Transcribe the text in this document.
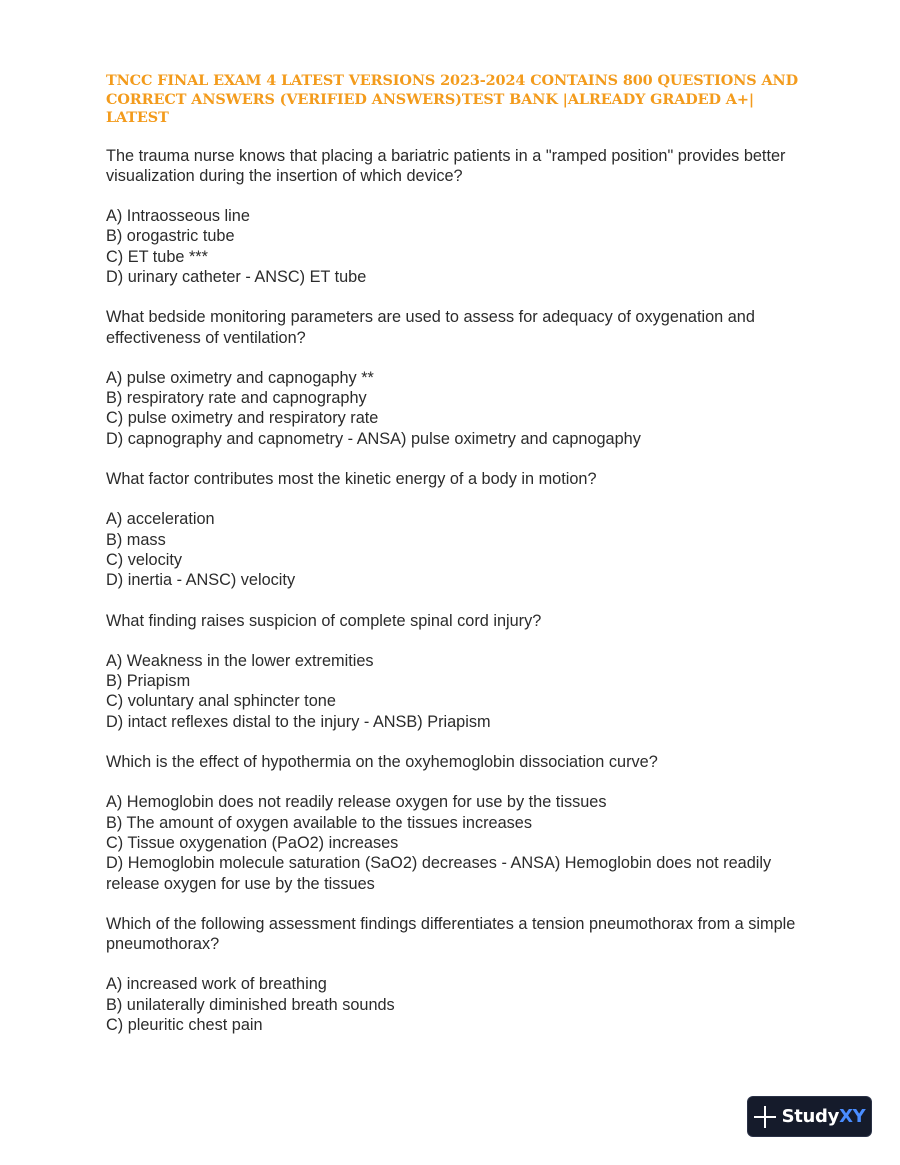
TNCC FINAL EXAM 4 LATEST VERSIONS 2023-2024 CONTAINS 800 QUESTIONS AND CORRECT ANSWERS (VERIFIED ANSWERS)TEST BANK |ALREADY GRADED A+| LATEST
The trauma nurse knows that placing a bariatric patients in a "ramped position" provides better visualization during the insertion of which device?
A) Intraosseous line
B) orogastric tube
C) ET tube ***
D) urinary catheter - ANSC) ET tube
What bedside monitoring parameters are used to assess for adequacy of oxygenation and effectiveness of ventilation?
A) pulse oximetry and capnogaphy **
B) respiratory rate and capnography
C) pulse oximetry and respiratory rate
D) capnography and capnometry - ANSA) pulse oximetry and capnogaphy
What factor contributes most the kinetic energy of a body in motion?
A) acceleration
B) mass
C) velocity
D) inertia - ANSC) velocity
What finding raises suspicion of complete spinal cord injury?
A) Weakness in the lower extremities
B) Priapism
C) voluntary anal sphincter tone
D) intact reflexes distal to the injury - ANSB) Priapism
Which is the effect of hypothermia on the oxyhemoglobin dissociation curve?
A) Hemoglobin does not readily release oxygen for use by the tissues
B) The amount of oxygen available to the tissues increases
C) Tissue oxygenation (PaO2) increases
D) Hemoglobin molecule saturation (SaO2) decreases - ANSA) Hemoglobin does not readily release oxygen for use by the tissues
Which of the following assessment findings differentiates a tension pneumothorax from a simple pneumothorax?
A) increased work of breathing
B) unilaterally diminished breath sounds
C) pleuritic chest pain
StudyXY
